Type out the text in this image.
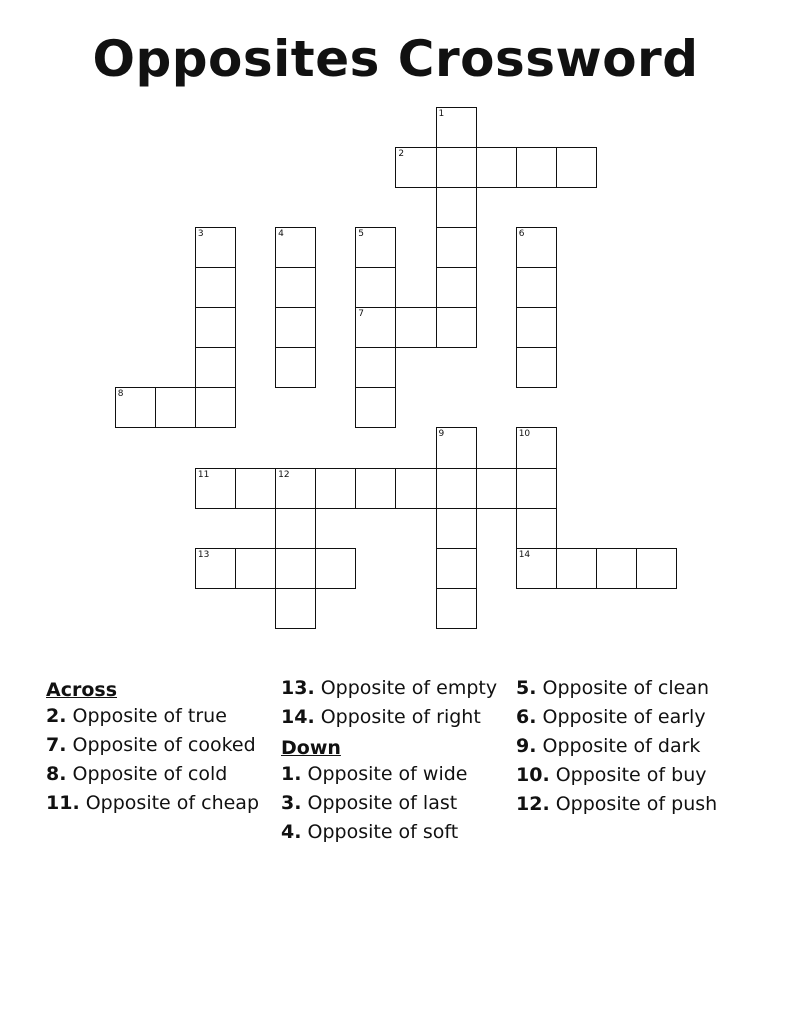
Opposites Crossword
1
2
3	4	5	6
7
8
9	10
11	12
13	14
Across
2. Opposite of true
7. Opposite of cooked
8. Opposite of cold
11. Opposite of cheap
13. Opposite of empty
14. Opposite of right
Down
1. Opposite of wide
3. Opposite of last
4. Opposite of soft
5. Opposite of clean
6. Opposite of early
9. Opposite of dark
10. Opposite of buy
12. Opposite of push
